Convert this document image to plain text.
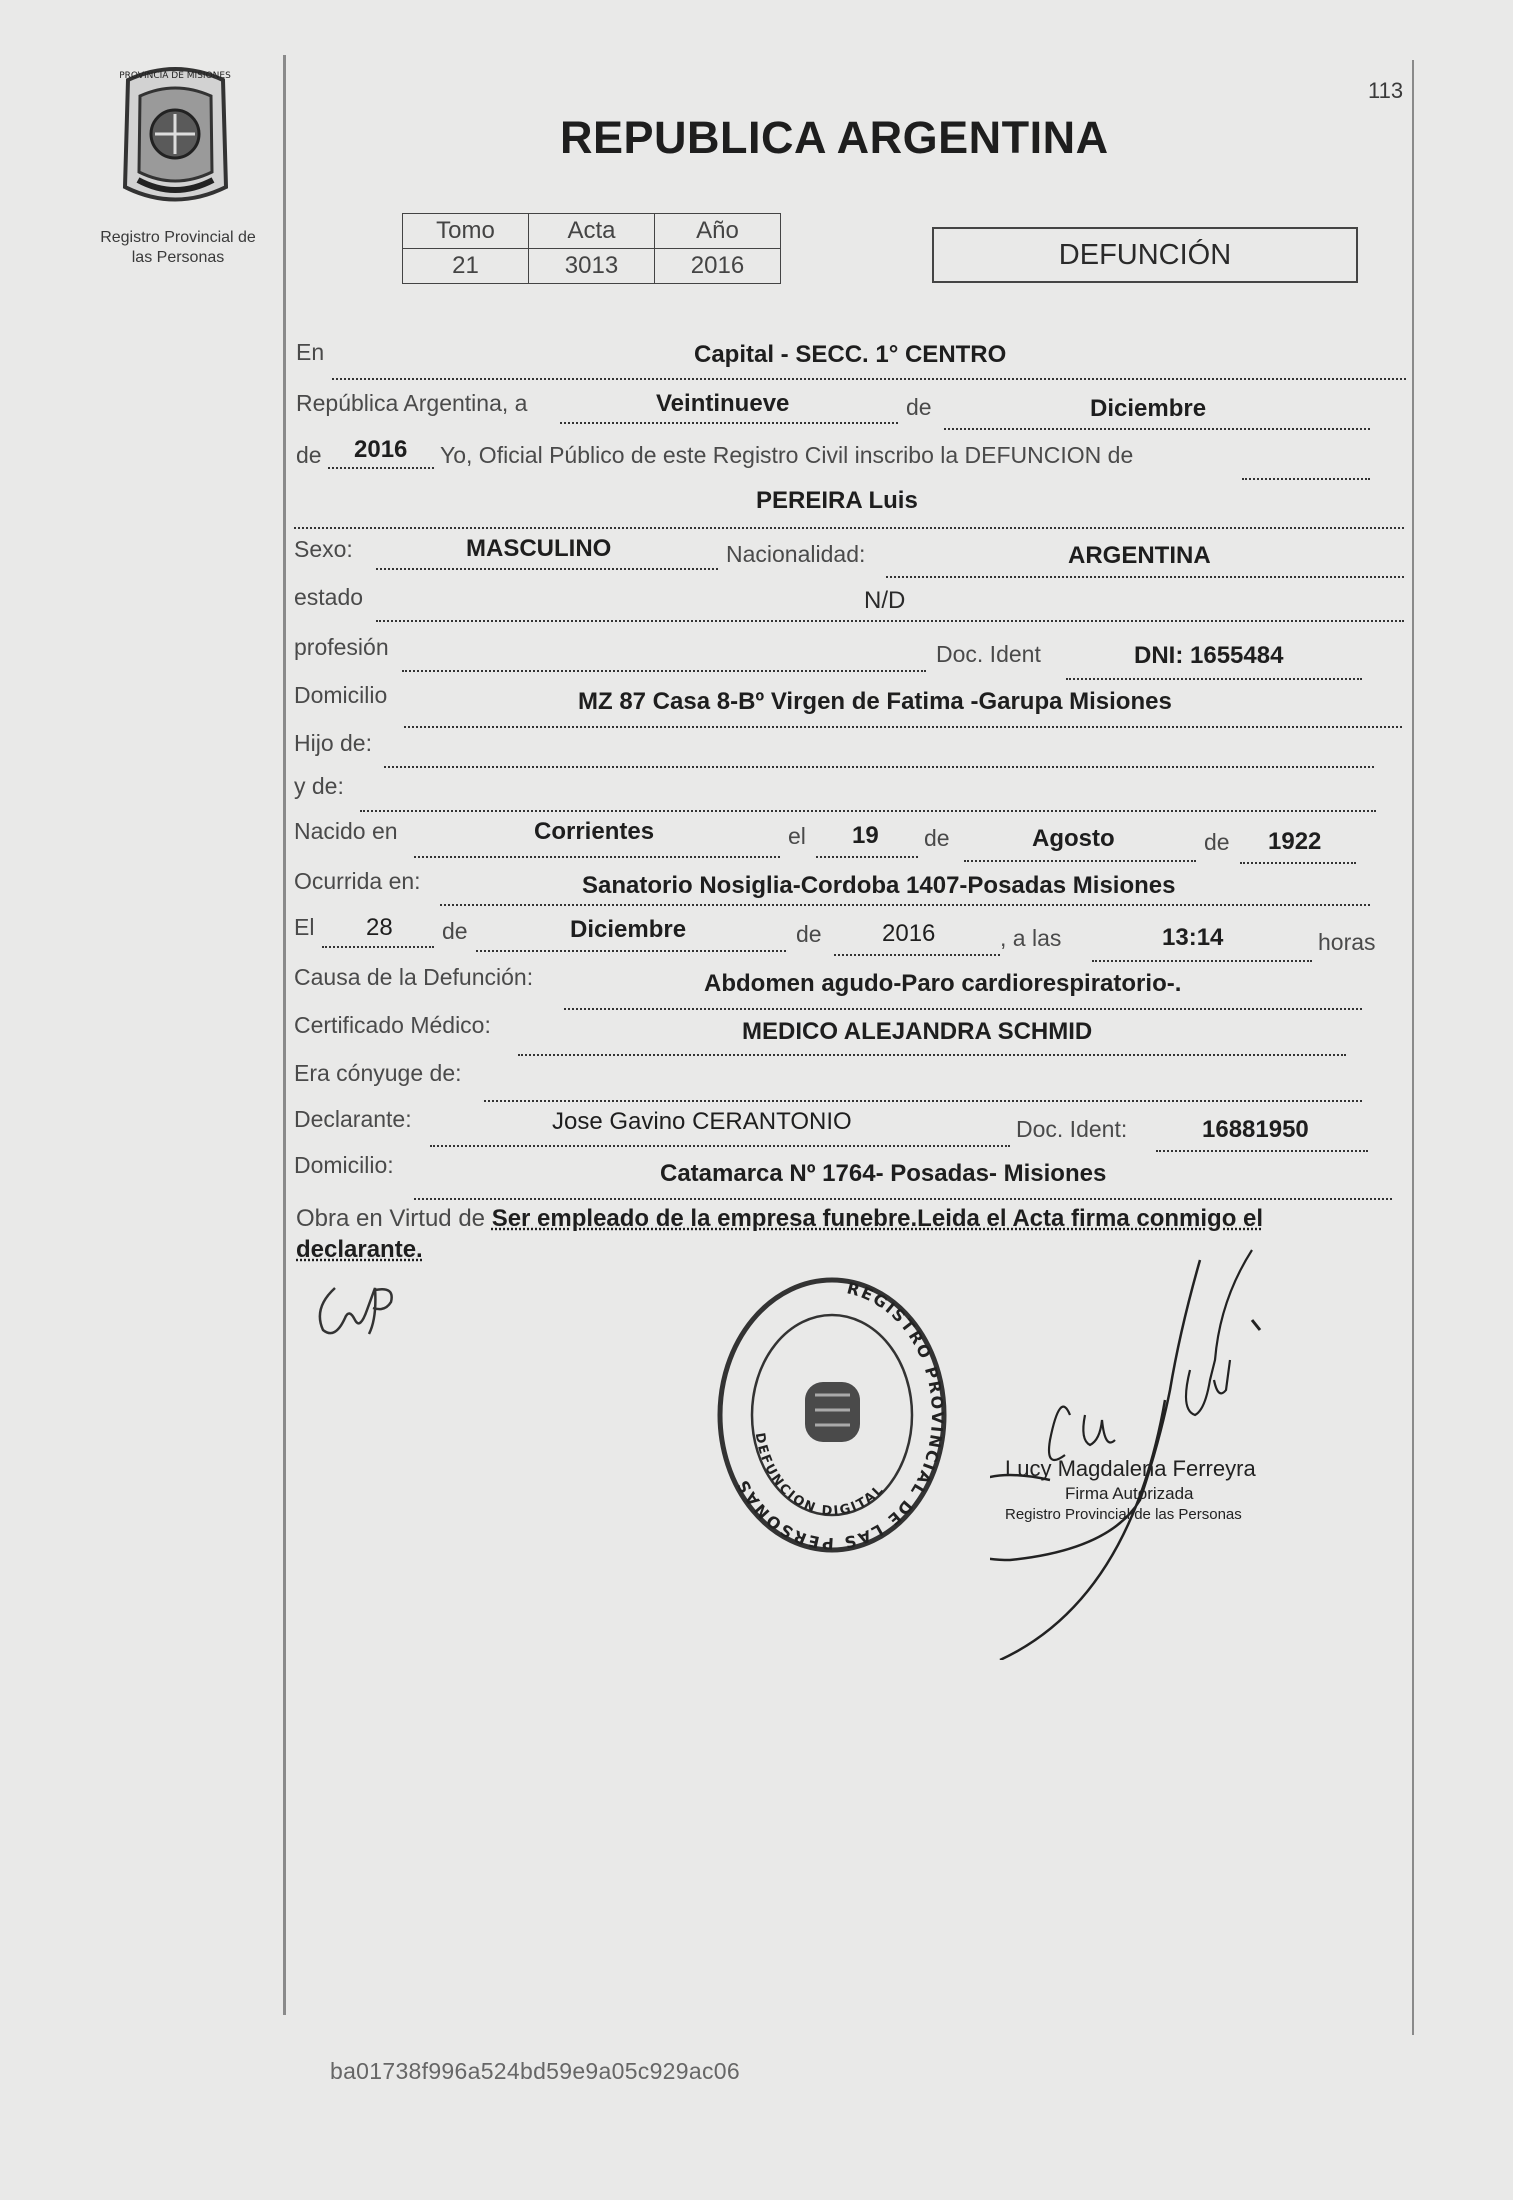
PROVINCIA DE MISIONES
Registro Provincial de
las Personas
113
REPUBLICA ARGENTINA
Tomo	Acta	Año
21	3013	2016	DEFUNCIÓN
En	Capital - SECC. 1° CENTRO
República Argentina, a	Veintinueve	de	Diciembre
de 2016 Yo, Oficial Público de este Registro Civil inscribo la DEFUNCION de
PEREIRA Luis
Sexo:	MASCULINO	Nacionalidad:	ARGENTINA
estado	N/D
profesión	Doc. Ident	DNI: 1655484
Domicilio	MZ 87 Casa 8-Bº Virgen de Fatima -Garupa Misiones
Hijo de:
y de:
Nacido en	Corrientes	el 19 de	Agosto	de 1922
Ocurrida en:	Sanatorio Nosiglia-Cordoba 1407-Posadas Misiones
El 28 de	Diciembre	de	2016	, a las	13:14	horas
Causa de la Defunción:	Abdomen agudo-Paro cardiorespiratorio-.
Certificado Médico:	MEDICO ALEJANDRA SCHMID
Era cónyuge de:
Declarante:	Jose Gavino CERANTONIO	Doc. Ident:	16881950
Domicilio:	Catamarca Nº 1764- Posadas- Misiones
Obra en Virtud de Ser empleado de la empresa funebre.Leida el Acta firma conmigo el declarante.
REGISTRO PROVINCIAL DE LAS PERSONAS
DEFUNCION DIGITAL
Lucy Magdalena Ferreyra
Firma Autorizada
Registro Provincial de las Personas
ba01738f996a524bd59e9a05c929ac06
